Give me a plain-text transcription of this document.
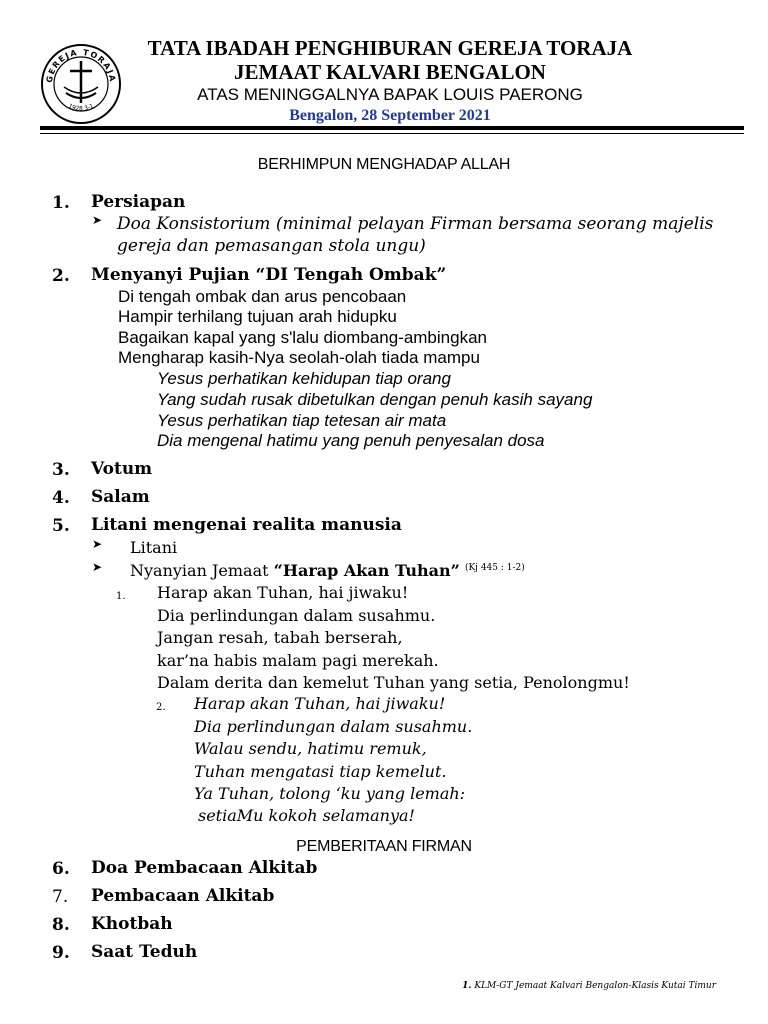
GEREJA TORAJA
1928 3-1
TATA IBADAH PENGHIBURAN GEREJA TORAJA
JEMAAT KALVARI BENGALON
ATAS MENINGGALNYA BAPAK LOUIS PAERONG
Bengalon, 28 September 2021
BERHIMPUN MENGHADAP ALLAH
1. Persiapan
➤ Doa Konsistorium (minimal pelayan Firman bersama seorang majelis
gereja dan pemasangan stola ungu)
2. Menyanyi Pujian “DI Tengah Ombak”
Di tengah ombak dan arus pencobaan
Hampir terhilang tujuan arah hidupku
Bagaikan kapal yang s'lalu diombang-ambingkan
Mengharap kasih-Nya seolah-olah tiada mampu
Yesus perhatikan kehidupan tiap orang
Yang sudah rusak dibetulkan dengan penuh kasih sayang
Yesus perhatikan tiap tetesan air mata
Dia mengenal hatimu yang penuh penyesalan dosa
3. Votum
4. Salam
5. Litani mengenai realita manusia
➤ Litani
➤ Nyanyian Jemaat “Harap Akan Tuhan” $^{(Kj 445 : 1-2)}$
1. Harap akan Tuhan, hai jiwaku!
Dia perlindungan dalam susahmu.
Jangan resah, tabah berserah,
kar’na habis malam pagi merekah.
Dalam derita dan kemelut Tuhan yang setia, Penolongmu!
2. Harap akan Tuhan, hai jiwaku!
Dia perlindungan dalam susahmu.
Walau sendu, hatimu remuk,
Tuhan mengatasi tiap kemelut.
Ya Tuhan, tolong ‘ku yang lemah:
setiaMu kokoh selamanya!
PEMBERITAAN FIRMAN
6. Doa Pembacaan Alkitab
7. Pembacaan Alkitab
8. Khotbah
9. Saat Teduh
1. KLM-GT Jemaat Kalvari Bengalon-Klasis Kutai Timur
